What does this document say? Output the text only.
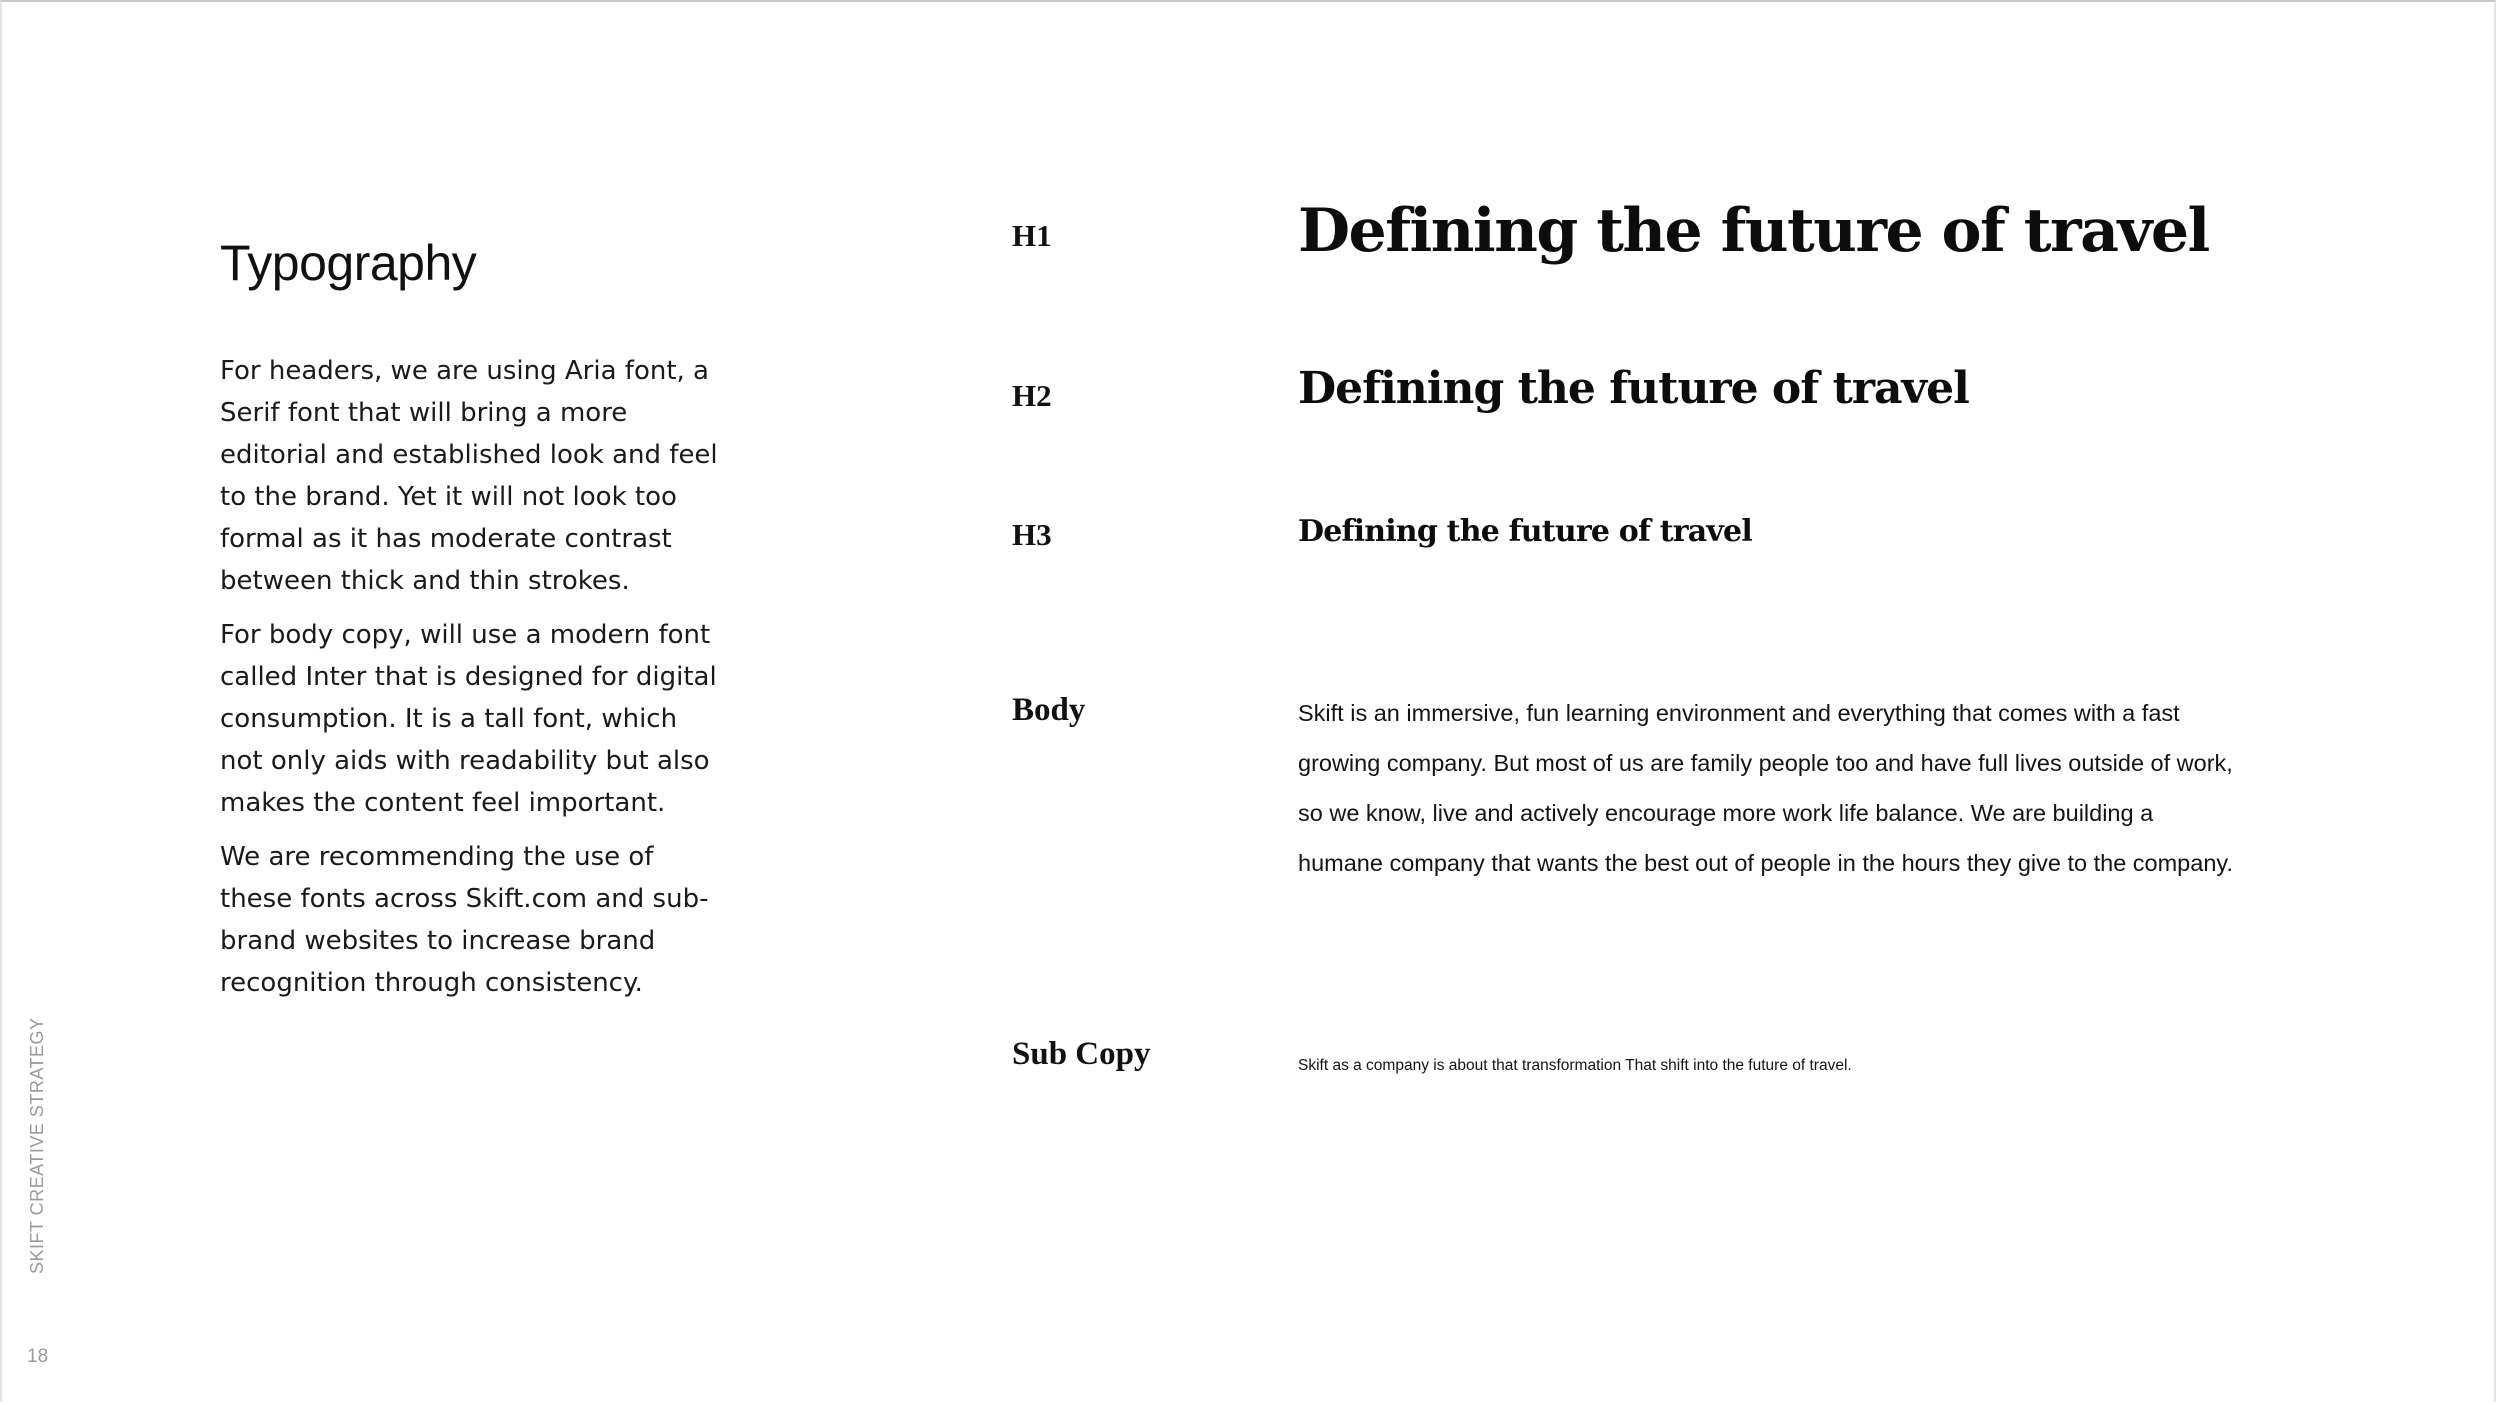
Typography

For headers, we are using Aria font, a Serif font that will bring a more editorial and established look and feel to the brand. Yet it will not look too formal as it has moderate contrast between thick and thin strokes.

For body copy, will use a modern font called Inter that is designed for digital consumption. It is a tall font, which not only aids with readability but also makes the content feel important.

We are recommending the use of these fonts across Skift.com and sub-brand websites to increase brand recognition through consistency.

SKIFT CREATIVE STRATEGY
18
H1	Defining the future of travel
H2	Defining the future of travel
H3	Defining the future of travel
Body	Skift is an immersive, fun learning environment and everything that comes with a fast growing company. But most of us are family people too and have full lives outside of work, so we know, live and actively encourage more work life balance. We are building a humane company that wants the best out of people in the hours they give to the company.
Sub Copy	Skift as a company is about that transformation That shift into the future of travel.
